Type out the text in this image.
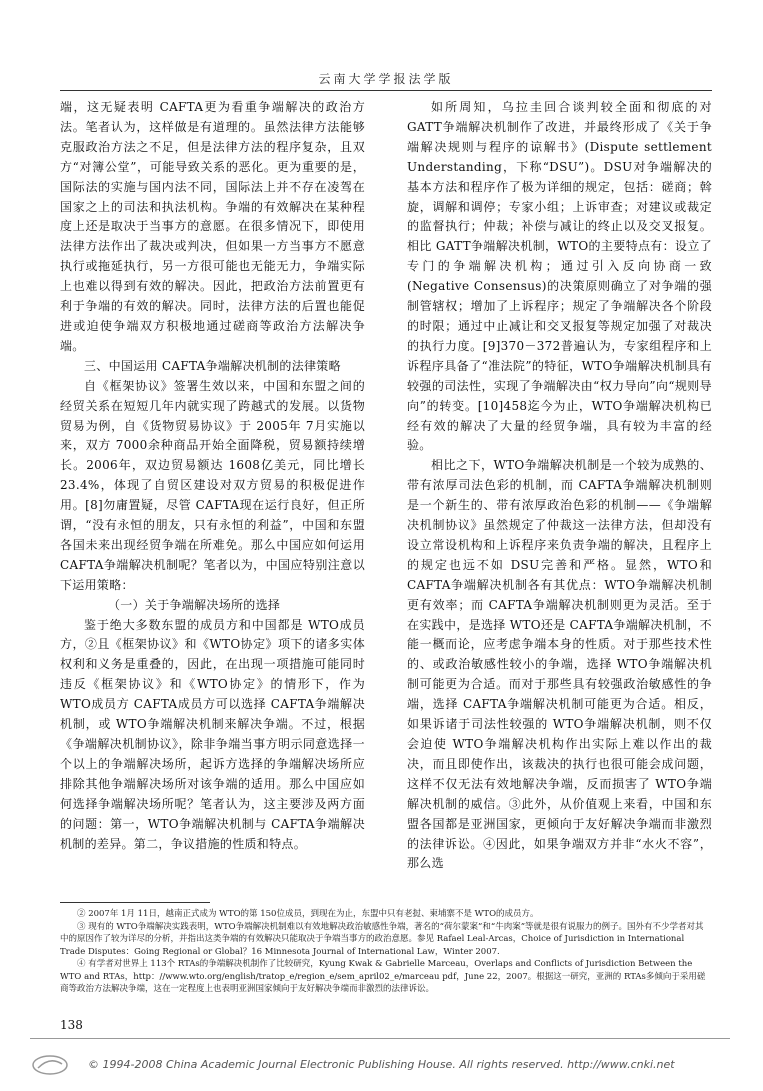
云南大学学报法学版

端，这无疑表明 CAFTA更为看重争端解决的政治方法。笔者认为，这样做是有道理的。虽然法律方法能够克服政治方法之不足，但是法律方法的程序复杂，且双方“对簿公堂”，可能导致关系的恶化。更为重要的是，国际法的实施与国内法不同，国际法上并不存在凌驾在国家之上的司法和执法机构。争端的有效解决在某种程度上还是取决于当事方的意愿。在很多情况下，即使用法律方法作出了裁决或判决，但如果一方当事方不愿意执行或拖延执行，另一方很可能也无能无力，争端实际上也难以得到有效的解决。因此，把政治方法前置更有利于争端的有效的解决。同时，法律方法的后置也能促进或迫使争端双方积极地通过磋商等政治方法解决争端。

三、中国运用 CAFTA争端解决机制的法律策略

自《框架协议》签署生效以来，中国和东盟之间的经贸关系在短短几年内就实现了跨越式的发展。以货物贸易为例，自《货物贸易协议》于 2005年 7月实施以来，双方 7000余种商品开始全面降税，贸易额持续增长。2006年，双边贸易额达 1608亿美元，同比增长 23.4%，体现了自贸区建设对双方贸易的积极促进作用。[8]勿庸置疑，尽管 CAFTA现在运行良好，但正所谓，“没有永恒的朋友，只有永恒的利益”，中国和东盟各国未来出现经贸争端在所难免。那么中国应如何运用 CAFTA争端解决机制呢？笔者以为，中国应特别注意以下运用策略：

（一）关于争端解决场所的选择

鉴于绝大多数东盟的成员方和中国都是 WTO成员方，②且《框架协议》和《WTO协定》项下的诸多实体权利和义务是重叠的，因此，在出现一项措施可能同时违反《框架协议》和《WTO协定》的情形下，作为 WTO成员方 CAFTA成员方可以选择 CAFTA争端解决机制，或 WTO争端解决机制来解决争端。不过，根据《争端解决机制协议》，除非争端当事方明示同意选择一个以上的争端解决场所，起诉方选择的争端解决场所应排除其他争端解决场所对该争端的适用。那么中国应如何选择争端解决场所呢？笔者认为，这主要涉及两方面的问题：第一，WTO争端解决机制与 CAFTA争端解决机制的差异。第二，争议措施的性质和特点。

如所周知，乌拉圭回合谈判较全面和彻底的对 GATT争端解决机制作了改进，并最终形成了《关于争端解决规则与程序的谅解书》(Dispute settlement Understanding，下称“DSU”)。DSU对争端解决的基本方法和程序作了极为详细的规定，包括：磋商；斡旋，调解和调停；专家小组；上诉审查；对建议或裁定的监督执行；仲裁；补偿与减让的终止以及交叉报复。相比 GATT争端解决机制，WTO的主要特点有：设立了专门的争端解决机构；通过引入反向协商一致(Negative Consensus)的决策原则确立了对争端的强制管辖权；增加了上诉程序；规定了争端解决各个阶段的时限；通过中止减让和交叉报复等规定加强了对裁决的执行力度。[9]370－372普遍认为，专家组程序和上诉程序具备了“准法院”的特征，WTO争端解决机制具有较强的司法性，实现了争端解决由“权力导向”向“规则导向”的转变。[10]458迄今为止，WTO争端解决机构已经有效的解决了大量的经贸争端，具有较为丰富的经验。

相比之下，WTO争端解决机制是一个较为成熟的、带有浓厚司法色彩的机制，而 CAFTA争端解决机制则是一个新生的、带有浓厚政治色彩的机制——《争端解决机制协议》虽然规定了仲裁这一法律方法，但却没有设立常设机构和上诉程序来负责争端的解决，且程序上的规定也远不如 DSU完善和严格。显然，WTO和 CAFTA争端解决机制各有其优点：WTO争端解决机制更有效率；而 CAFTA争端解决机制则更为灵活。至于在实践中，是选择 WTO还是 CAFTA争端解决机制，不能一概而论，应考虑争端本身的性质。对于那些技术性的、或政治敏感性较小的争端，选择 WTO争端解决机制可能更为合适。而对于那些具有较强政治敏感性的争端，选择 CAFTA争端解决机制可能更为合适。相反，如果诉诸于司法性较强的 WTO争端解决机制，则不仅会迫使 WTO争端解决机构作出实际上难以作出的裁决，而且即使作出，该裁决的执行也很可能会成问题，这样不仅无法有效地解决争端，反而损害了 WTO争端解决机制的威信。③此外，从价值观上来看，中国和东盟各国都是亚洲国家，更倾向于友好解决争端而非激烈的法律诉讼。④因此，如果争端双方并非“水火不容”，那么选

② 2007年 1月 11日，越南正式成为 WTO的第 150位成员，到现在为止，东盟中只有老挝、柬埔寨不是 WTO的成员方。

③ 现有的 WTO争端解决实践表明，WTO争端解决机制难以有效地解决政治敏感性争端，著名的“荷尔蒙案”和“牛肉案”等就是很有说服力的例子。国外有不少学者对其中的原因作了较为详尽的分析，并指出这类争端的有效解决只能取决于争端当事方的政治意愿。参见 Rafael Leal-Arcas，Choice of Jurisdiction in International Trade Disputes：Going Regional or Global？16 Minnesota Journal of International Law，Winter 2007.

④ 有学者对世界上 113个 RTAs的争端解决机制作了比较研究，Kyung Kwak & Gabrielle Marceau，Overlaps and Conflicts of Jurisdiction Between the WTO and RTAs，http：//www.wto.org/english/tratop_e/region_e/sem_april02_e/marceau pdf，June 22，2007。根据这一研究，亚洲的 RTAs多倾向于采用磋商等政治方法解决争端，这在一定程度上也表明亚洲国家倾向于友好解决争端而非激烈的法律诉讼。

138
© 1994-2008 China Academic Journal Electronic Publishing House. All rights reserved. http://www.cnki.net
